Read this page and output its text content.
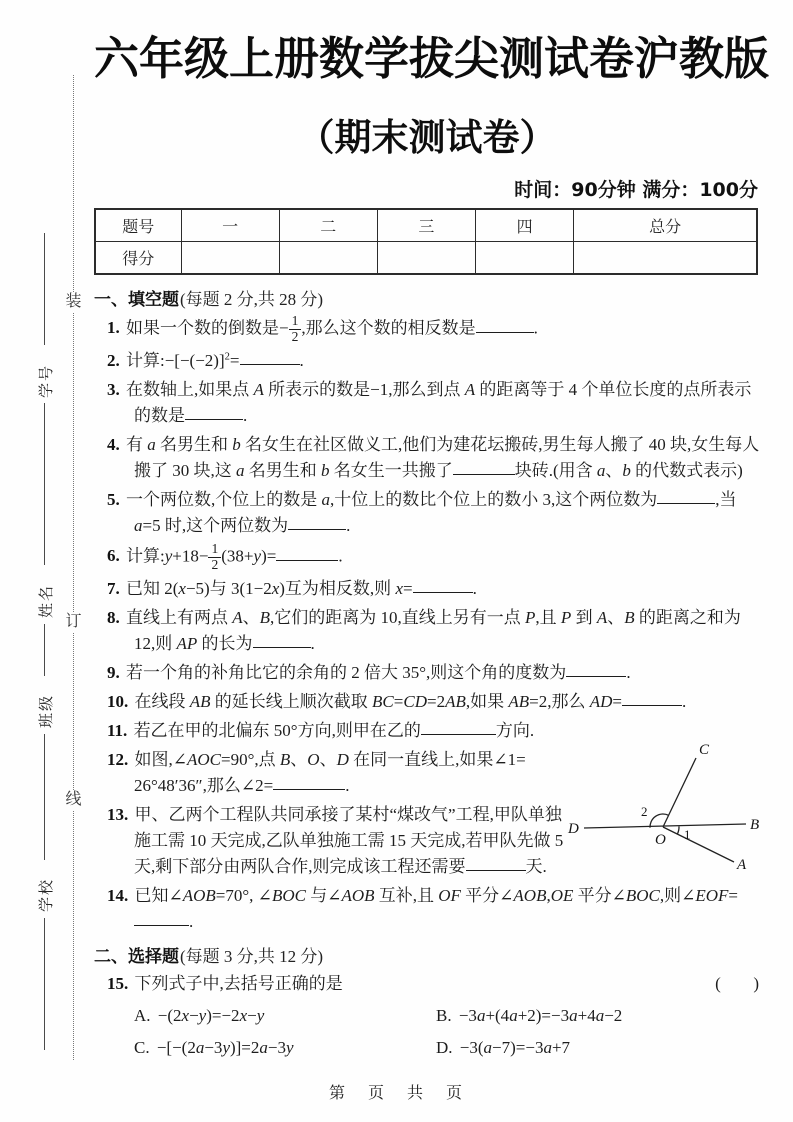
装
订
线
学号
姓名
班级
学校
六年级上册数学拔尖测试卷沪教版
（期末测试卷）
时间：90分钟 满分：100分
题号	一	二	三	四	总分
得分					
一、填空题(每题 2 分,共 28 分)
1. 如果一个数的倒数是− $\frac{1}{2}$ ,那么这个数的相反数是	.
2. 计算$:-[-(-2)]^2=$	.
3. 在数轴上,如果点 A 所表示的数是−1,那么到点 A 的距离等于 4 个单位长度的点所表示的数是	.
4. 有 a 名男生和 b 名女生在社区做义工,他们为建花坛搬砖,男生每人搬了 40 块,女生每人搬了 30 块,这 a 名男生和 b 名女生一共搬了	块砖.(用含 a、b 的代数式表示)
5. 一个两位数,个位上的数是 a,十位上的数比个位上的数小 3,这个两位数为	,当 a=5 时,这个两位数为	.
6. 计算:y+18− $\frac{1}{2} (38+y)=$	.
7. 已知 2(x−5)与 3(1−2x)互为相反数,则 x=	.
8. 直线上有两点 A、B,它们的距离为 10,直线上另有一点 P,且 P 到 A、B 的距离之和为 12,则 AP 的长为	.
9. 若一个角的补角比它的余角的 2 倍大 35°,则这个角的度数为	.
10. 在线段 AB 的延长线上顺次截取 BC=CD=2AB,如果 AB=2,那么 AD=	.
11. 若乙在甲的北偏东 50°方向,则甲在乙的	方向.
12. 如图,∠AOC=90°,点 B、O、D 在同一直线上,如果∠1= 26°48′36″,那么∠2=	.
C
D	B
O
A
2
1
13. 甲、乙两个工程队共同承接了某村“煤改气”工程,甲队单独施工需 10 天完成,乙队单独施工需 15 天完成,若甲队先做 5 天,剩下部分由两队合作,则完成该工程还需要	天.
14. 已知∠AOB=70°, ∠BOC 与∠AOB 互补,且 OF 平分∠AOB,OE 平分∠BOC,则∠EOF= .
二、选择题(每题 3 分,共 12 分)
15.	(      )
下列式子中,去括号正确的是
A. −(2x−y)=−2x−y	B. −3a+(4a+2)=−3a+4a−2
C. −[−(2a−3y)]=2a−3y	D. −3(a−7)=−3a+7
第 页 共 页
